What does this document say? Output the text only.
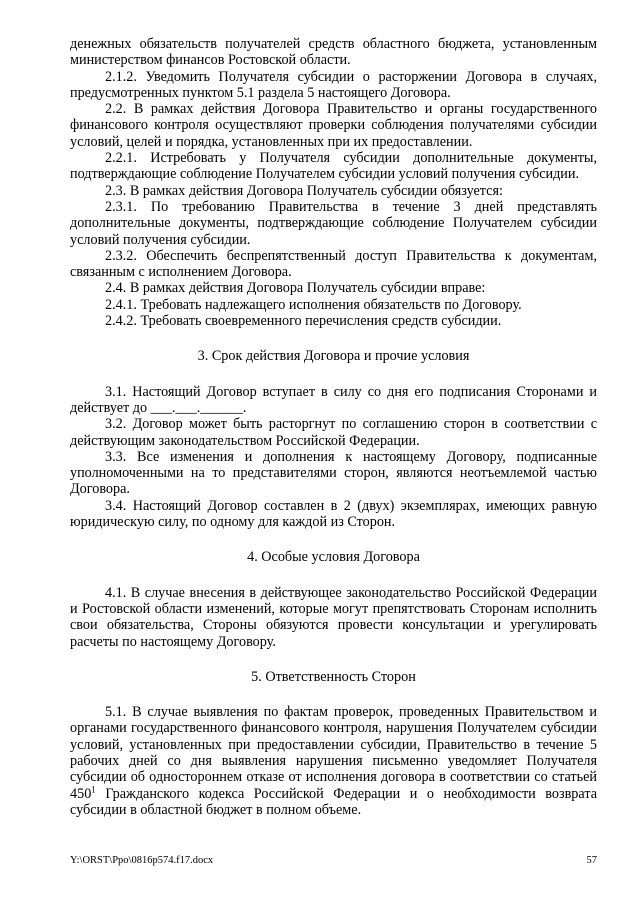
денежных обязательств получателей средств областного бюджета, установленным министерством финансов Ростовской области.
2.1.2. Уведомить Получателя субсидии о расторжении Договора в случаях, предусмотренных пунктом 5.1 раздела 5 настоящего Договора.
2.2. В рамках действия Договора Правительство и органы государственного финансового контроля осуществляют проверки соблюдения получателями субсидии условий, целей и порядка, установленных при их предоставлении.
2.2.1. Истребовать у Получателя субсидии дополнительные документы, подтверждающие соблюдение Получателем субсидии условий получения субсидии.
2.3. В рамках действия Договора Получатель субсидии обязуется:
2.3.1. По требованию Правительства в течение 3 дней представлять дополнительные документы, подтверждающие соблюдение Получателем субсидии условий получения субсидии.
2.3.2. Обеспечить беспрепятственный доступ Правительства к документам, связанным с исполнением Договора.
2.4. В рамках действия Договора Получатель субсидии вправе:
2.4.1. Требовать надлежащего исполнения обязательств по Договору.
2.4.2. Требовать своевременного перечисления средств субсидии.
3. Срок действия Договора и прочие условия
3.1. Настоящий Договор вступает в силу со дня его подписания Сторонами и действует до ___.___.______.
3.2. Договор может быть расторгнут по соглашению сторон в соответствии с действующим законодательством Российской Федерации.
3.3. Все изменения и дополнения к настоящему Договору, подписанные уполномоченными на то представителями сторон, являются неотъемлемой частью Договора.
3.4. Настоящий Договор составлен в 2 (двух) экземплярах, имеющих равную юридическую силу, по одному для каждой из Сторон.
4. Особые условия Договора
4.1. В случае внесения в действующее законодательство Российской Федерации и Ростовской области изменений, которые могут препятствовать Сторонам исполнить свои обязательства, Стороны обязуются провести консультации и урегулировать расчеты по настоящему Договору.
5. Ответственность Сторон
5.1. В случае выявления по фактам проверок, проведенных Правительством и органами государственного финансового контроля, нарушения Получателем субсидии условий, установленных при предоставлении субсидии, Правительство в течение 5 рабочих дней со дня выявления нарушения письменно уведомляет Получателя субсидии об одностороннем отказе от исполнения договора в соответствии со статьей $450^1$ Гражданского кодекса Российской Федерации и о необходимости возврата субсидии в областной бюджет в полном объеме.
Y:\ORST\Ppo\0816p574.f17.docx	57
